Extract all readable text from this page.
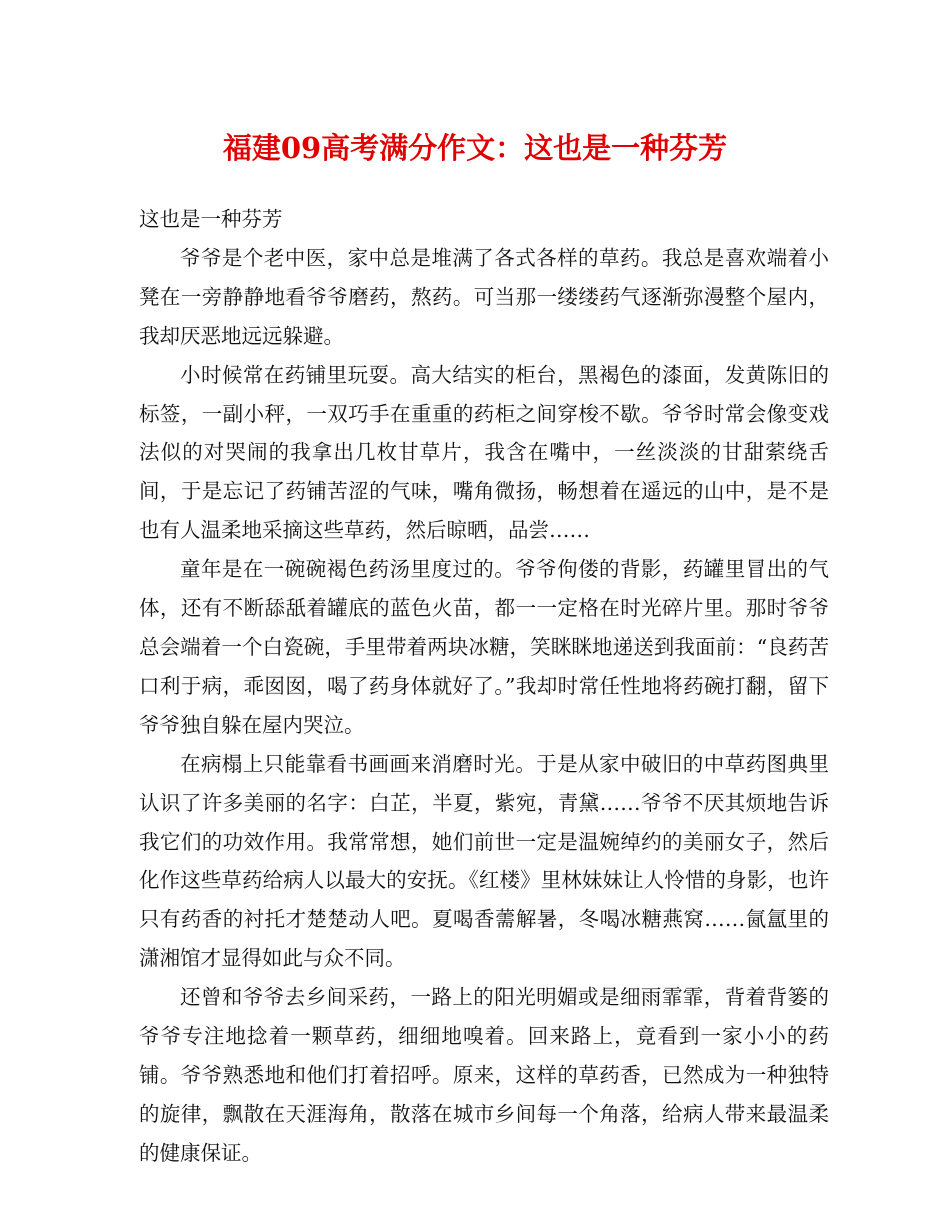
福建09高考满分作文：这也是一种芬芳

这也是一种芬芳

爷爷是个老中医，家中总是堆满了各式各样的草药。我总是喜欢端着小凳在一旁静静地看爷爷磨药，熬药。可当那一缕缕药气逐渐弥漫整个屋内，我却厌恶地远远躲避。

小时候常在药铺里玩耍。高大结实的柜台，黑褐色的漆面，发黄陈旧的标签，一副小秤，一双巧手在重重的药柜之间穿梭不歇。爷爷时常会像变戏法似的对哭闹的我拿出几枚甘草片，我含在嘴中，一丝淡淡的甘甜萦绕舌间，于是忘记了药铺苦涩的气味，嘴角微扬，畅想着在遥远的山中，是不是也有人温柔地采摘这些草药，然后晾晒，品尝……

童年是在一碗碗褐色药汤里度过的。爷爷佝偻的背影，药罐里冒出的气体，还有不断舔舐着罐底的蓝色火苗，都一一定格在时光碎片里。那时爷爷总会端着一个白瓷碗，手里带着两块冰糖，笑眯眯地递送到我面前：“良药苦口利于病，乖囡囡，喝了药身体就好了。”我却时常任性地将药碗打翻，留下爷爷独自躲在屋内哭泣。

在病榻上只能靠看书画画来消磨时光。于是从家中破旧的中草药图典里认识了许多美丽的名字：白芷，半夏，紫宛，青黛……爷爷不厌其烦地告诉我它们的功效作用。我常常想，她们前世一定是温婉绰约的美丽女子，然后化作这些草药给病人以最大的安抚。《红楼》里林妹妹让人怜惜的身影，也许只有药香的衬托才楚楚动人吧。夏喝香薷解暑，冬喝冰糖燕窝……氤氲里的潇湘馆才显得如此与众不同。

还曾和爷爷去乡间采药，一路上的阳光明媚或是细雨霏霏，背着背篓的爷爷专注地捻着一颗草药，细细地嗅着。回来路上，竟看到一家小小的药铺。爷爷熟悉地和他们打着招呼。原来，这样的草药香，已然成为一种独特的旋律，飘散在天涯海角，散落在城市乡间每一个角落，给病人带来最温柔的健康保证。
